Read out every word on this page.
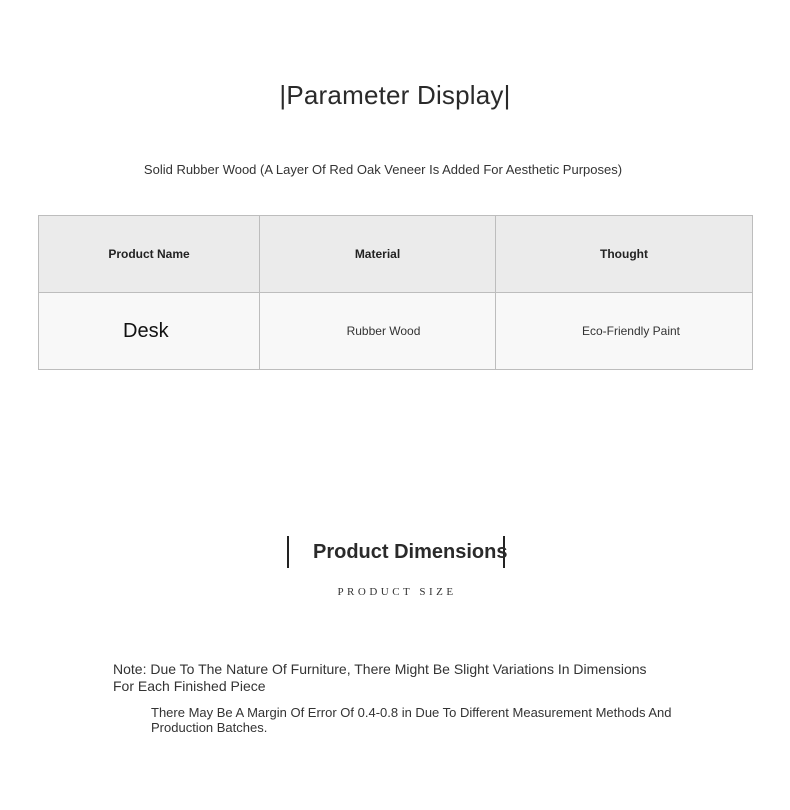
|Parameter Display|
Solid Rubber Wood (A Layer Of Red Oak Veneer Is Added For Aesthetic Purposes)
Product Name	Material	Thought
Desk	Rubber Wood	Eco-Friendly Paint
Product Dimensions
PRODUCT SIZE
Note: Due To The Nature Of Furniture, There Might Be Slight Variations In Dimensions For Each Finished Piece
There May Be A Margin Of Error Of 0.4-0.8 in Due To Different Measurement Methods And Production Batches.
